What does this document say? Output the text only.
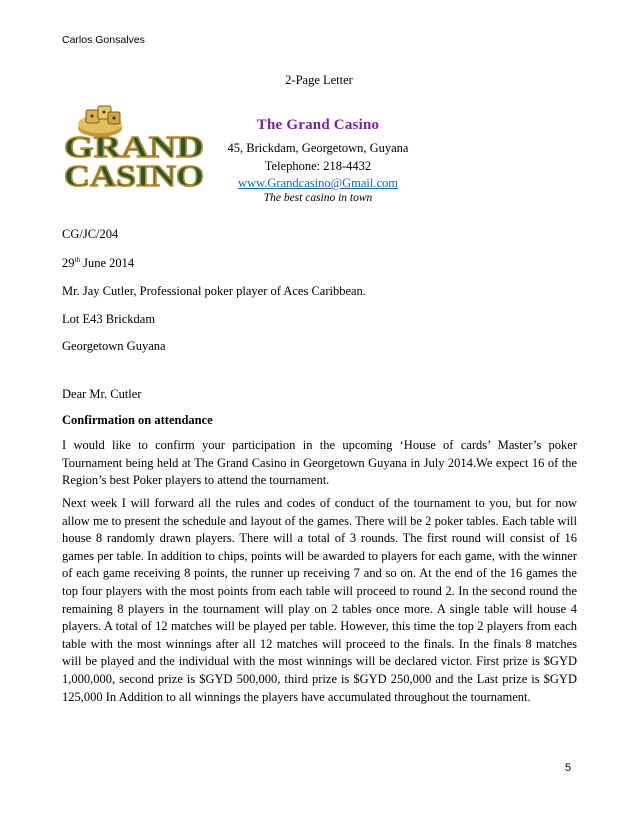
Carlos Gonsalves
2-Page Letter
GRAND
CASINO
The Grand Casino
45, Brickdam, Georgetown, Guyana
Telephone: 218-4432
www.Grandcasino@Gmail.com
The best casino in town
CG/JC/204
29th June 2014
Mr. Jay Cutler, Professional poker player of Aces Caribbean.
Lot E43 Brickdam
Georgetown Guyana
Dear Mr. Cutler
Confirmation on attendance
I would like to confirm your participation in the upcoming ‘House of cards’ Master’s poker Tournament being held at The Grand Casino in Georgetown Guyana in July 2014.We expect 16 of the Region’s best Poker players to attend the tournament.
Next week I will forward all the rules and codes of conduct of the tournament to you, but for now allow me to present the schedule and layout of the games. There will be 2 poker tables. Each table will house 8 randomly drawn players. There will a total of 3 rounds. The first round will consist of 16 games per table. In addition to chips, points will be awarded to players for each game, with the winner of each game receiving 8 points, the runner up receiving 7 and so on. At the end of the 16 games the top four players with the most points from each table will proceed to round 2. In the second round the remaining 8 players in the tournament will play on 2 tables once more. A single table will house 4 players. A total of 12 matches will be played per table. However, this time the top 2 players from each table with the most winnings after all 12 matches will proceed to the finals. In the finals 8 matches will be played and the individual with the most winnings will be declared victor. First prize is $GYD 1,000,000, second prize is $GYD 500,000, third prize is $GYD 250,000 and the Last prize is $GYD 125,000 In Addition to all winnings the players have accumulated throughout the tournament.
5
